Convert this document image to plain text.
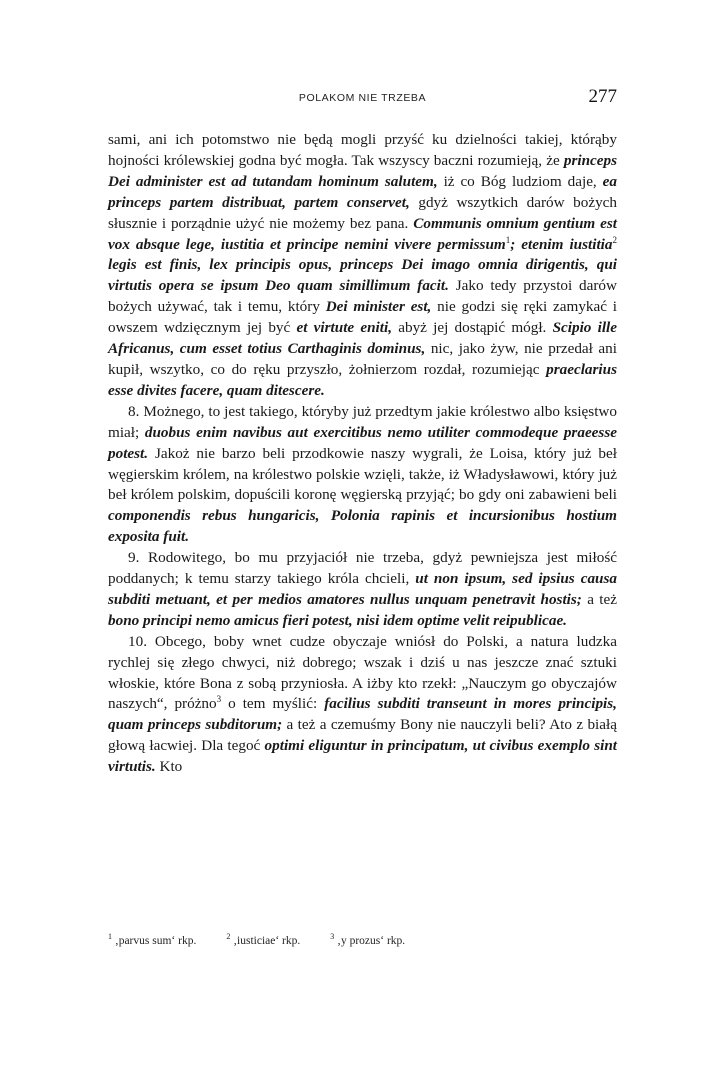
POLAKOM NIE TRZEBA	277

sami, ani ich potomstwo nie będą mogli przyść ku dzielności takiej, którąby hojności królewskiej godna być mogła. Tak wszyscy baczni rozumieją, że princeps Dei administer est ad tutandam hominum salutem, iż co Bóg ludziom daje, ea princeps partem distribuat, partem conservet, gdyż wszytkich darów bożych słusznie i porządnie użyć nie możemy bez pana. Communis omnium gentium est vox absque lege, iustitia et principe nemini vivere permissum$^1$; etenim iustitia$^2$ legis est finis, lex principis opus, princeps Dei imago omnia dirigentis, qui virtutis opera se ipsum Deo quam simillimum facit. Jako tedy przystoi darów bożych używać, tak i temu, który Dei minister est, nie godzi się ręki zamykać i owszem wdzięcznym jej być et virtute eniti, abyż jej dostąpić mógł. Scipio ille Africanus, cum esset totius Carthaginis dominus, nic, jako żyw, nie przedał ani kupił, wszytko, co do ręku przyszło, żołnierzom rozdał, rozumiejąc praeclarius esse divites facere, quam ditescere.

8. Możnego, to jest takiego, któryby już przedtym jakie królestwo albo księstwo miał; duobus enim navibus aut exercitibus nemo utiliter commodeque praeesse potest. Jakoż nie barzo beli przodkowie naszy wygrali, że Loisa, który już beł węgierskim królem, na królestwo polskie wzięli, także, iż Władysławowi, który już beł królem polskim, dopuścili koronę węgierską przyjąć; bo gdy oni zabawieni beli componendis rebus hungaricis, Polonia rapinis et incursionibus hostium exposita fuit.

9. Rodowitego, bo mu przyjaciół nie trzeba, gdyż pewniejsza jest miłość poddanych; k temu starzy takiego króla chcieli, ut non ipsum, sed ipsius causa subditi metuant, et per medios amatores nullus unquam penetravit hostis; a też bono principi nemo amicus fieri potest, nisi idem optime velit reipublicae.

10. Obcego, boby wnet cudze obyczaje wniósł do Polski, a natura ludzka rychlej się złego chwyci, niż dobrego; wszak i dziś u nas jeszcze znać sztuki włoskie, które Bona z sobą przyniosła. A iżby kto rzekł: „Nauczym go obyczajów naszych“, próżno$^3$ o tem myślić: facilius subditi transeunt in mores principis, quam princeps subditorum; a też a czemuśmy Bony nie nauczyli beli? Ato z białą głową łacwiej. Dla tegoć optimi eliguntur in principatum, ut civibus exemplo sint virtutis. Kto

$^1$ ‚parvus sum‘ rkp.	$^2$ ‚iusticiae‘ rkp.	$^3$ ‚y prozus‘ rkp.
